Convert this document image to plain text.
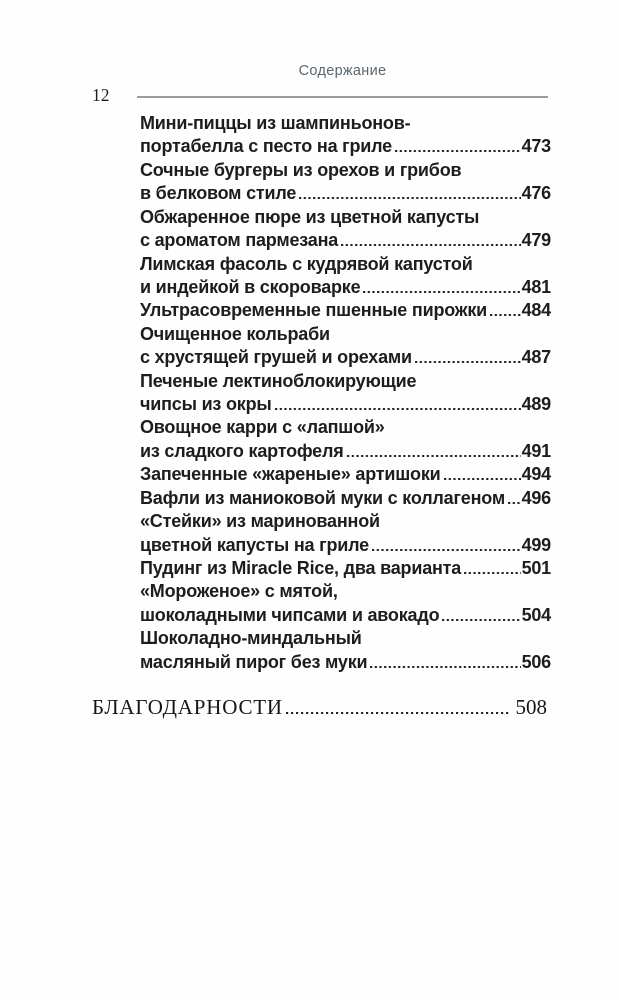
Содержание
12
Мини-пиццы из шампиньонов-
портабелла с песто на гриле	473
Сочные бургеры из орехов и грибов
в белковом стиле	476
Обжаренное пюре из цветной капусты
с ароматом пармезана	479
Лимская фасоль с кудрявой капустой
и индейкой в скороварке	481
Ультрасовременные пшенные пирожки 484
Очищенное кольраби
с хрустящей грушей и орехами	487
Печеные лектиноблокирующие
чипсы из окры	489
Овощное карри с «лапшой»
из сладкого картофеля	491
Запеченные «жареные» артишоки	494
Вафли из маниоковой муки с коллагеном 496
«Стейки» из маринованной
цветной капусты на гриле	499
Пудинг из Miracle Rice, два варианта	501
«Мороженое» с мятой,
шоколадными чипсами и авокадо	504
Шоколадно-миндальный
масляный пирог без муки	506
БЛАГОДАРНОСТИ	508
